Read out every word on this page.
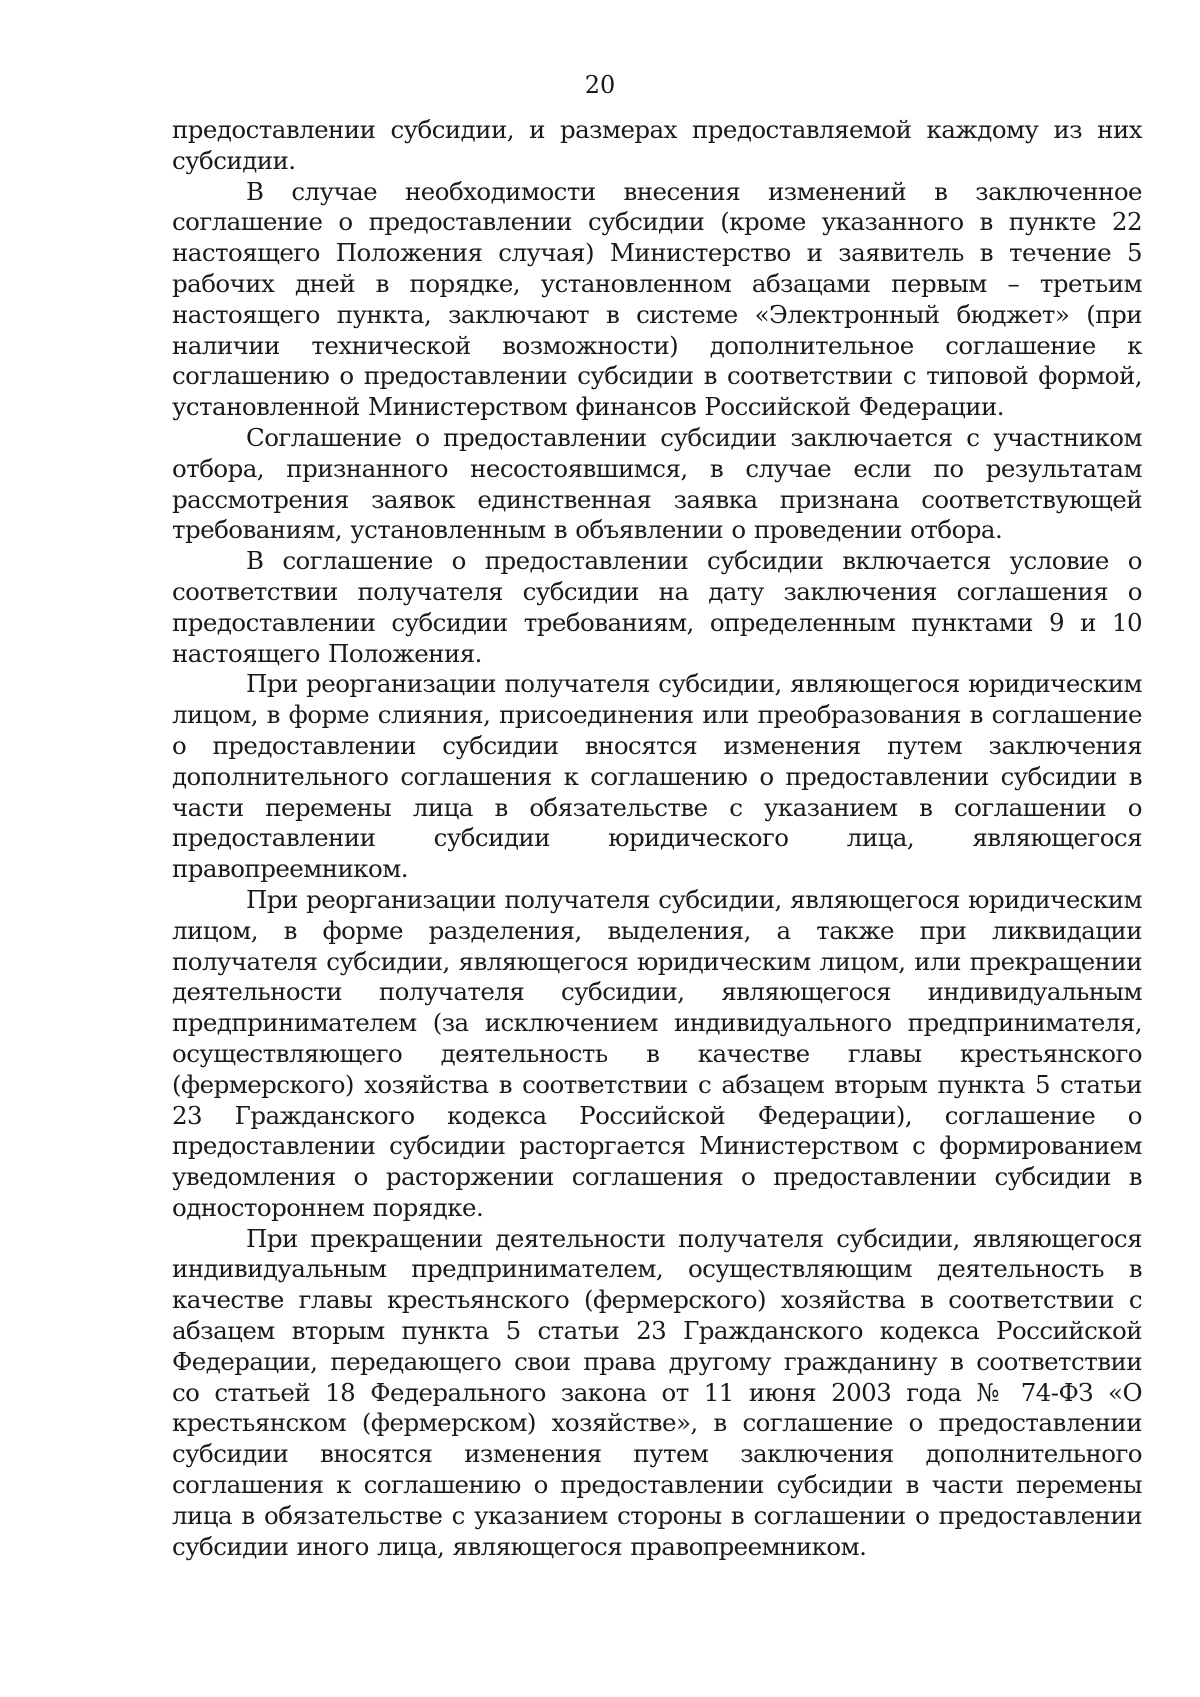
20

предоставлении субсидии, и размерах предоставляемой каждому из них субсидии.

В случае необходимости внесения изменений в заключенное соглашение о предоставлении субсидии (кроме указанного в пункте 22 настоящего Положения случая) Министерство и заявитель в течение 5 рабочих дней в порядке, установленном абзацами первым – третьим настоящего пункта, заключают в системе «Электронный бюджет» (при наличии технической возможности) дополнительное соглашение к соглашению о предоставлении субсидии в соответствии с типовой формой, установленной Министерством финансов Российской Федерации.

Соглашение о предоставлении субсидии заключается с участником отбора, признанного несостоявшимся, в случае если по результатам рассмотрения заявок единственная заявка признана соответствующей требованиям, установленным в объявлении о проведении отбора.

В соглашение о предоставлении субсидии включается условие о соответствии получателя субсидии на дату заключения соглашения о предоставлении субсидии требованиям, определенным пунктами 9 и 10 настоящего Положения.

При реорганизации получателя субсидии, являющегося юридическим лицом, в форме слияния, присоединения или преобразования в соглашение о предоставлении субсидии вносятся изменения путем заключения дополнительного соглашения к соглашению о предоставлении субсидии в части перемены лица в обязательстве с указанием в соглашении о предоставлении субсидии юридического лица, являющегося правопреемником.

При реорганизации получателя субсидии, являющегося юридическим лицом, в форме разделения, выделения, а также при ликвидации получателя субсидии, являющегося юридическим лицом, или прекращении деятельности получателя субсидии, являющегося индивидуальным предпринимателем (за исключением индивидуального предпринимателя, осуществляющего деятельность в качестве главы крестьянского (фермерского) хозяйства в соответствии с абзацем вторым пункта 5 статьи 23 Гражданского кодекса Российской Федерации), соглашение о предоставлении субсидии расторгается Министерством с формированием уведомления о расторжении соглашения о предоставлении субсидии в одностороннем порядке.

При прекращении деятельности получателя субсидии, являющегося индивидуальным предпринимателем, осуществляющим деятельность в качестве главы крестьянского (фермерского) хозяйства в соответствии с абзацем вторым пункта 5 статьи 23 Гражданского кодекса Российской Федерации, передающего свои права другому гражданину в соответствии со статьей 18 Федерального закона от 11 июня 2003 года № 74-ФЗ «О крестьянском (фермерском) хозяйстве», в соглашение о предоставлении субсидии вносятся изменения путем заключения дополнительного соглашения к соглашению о предоставлении субсидии в части перемены лица в обязательстве с указанием стороны в соглашении о предоставлении субсидии иного лица, являющегося правопреемником.
